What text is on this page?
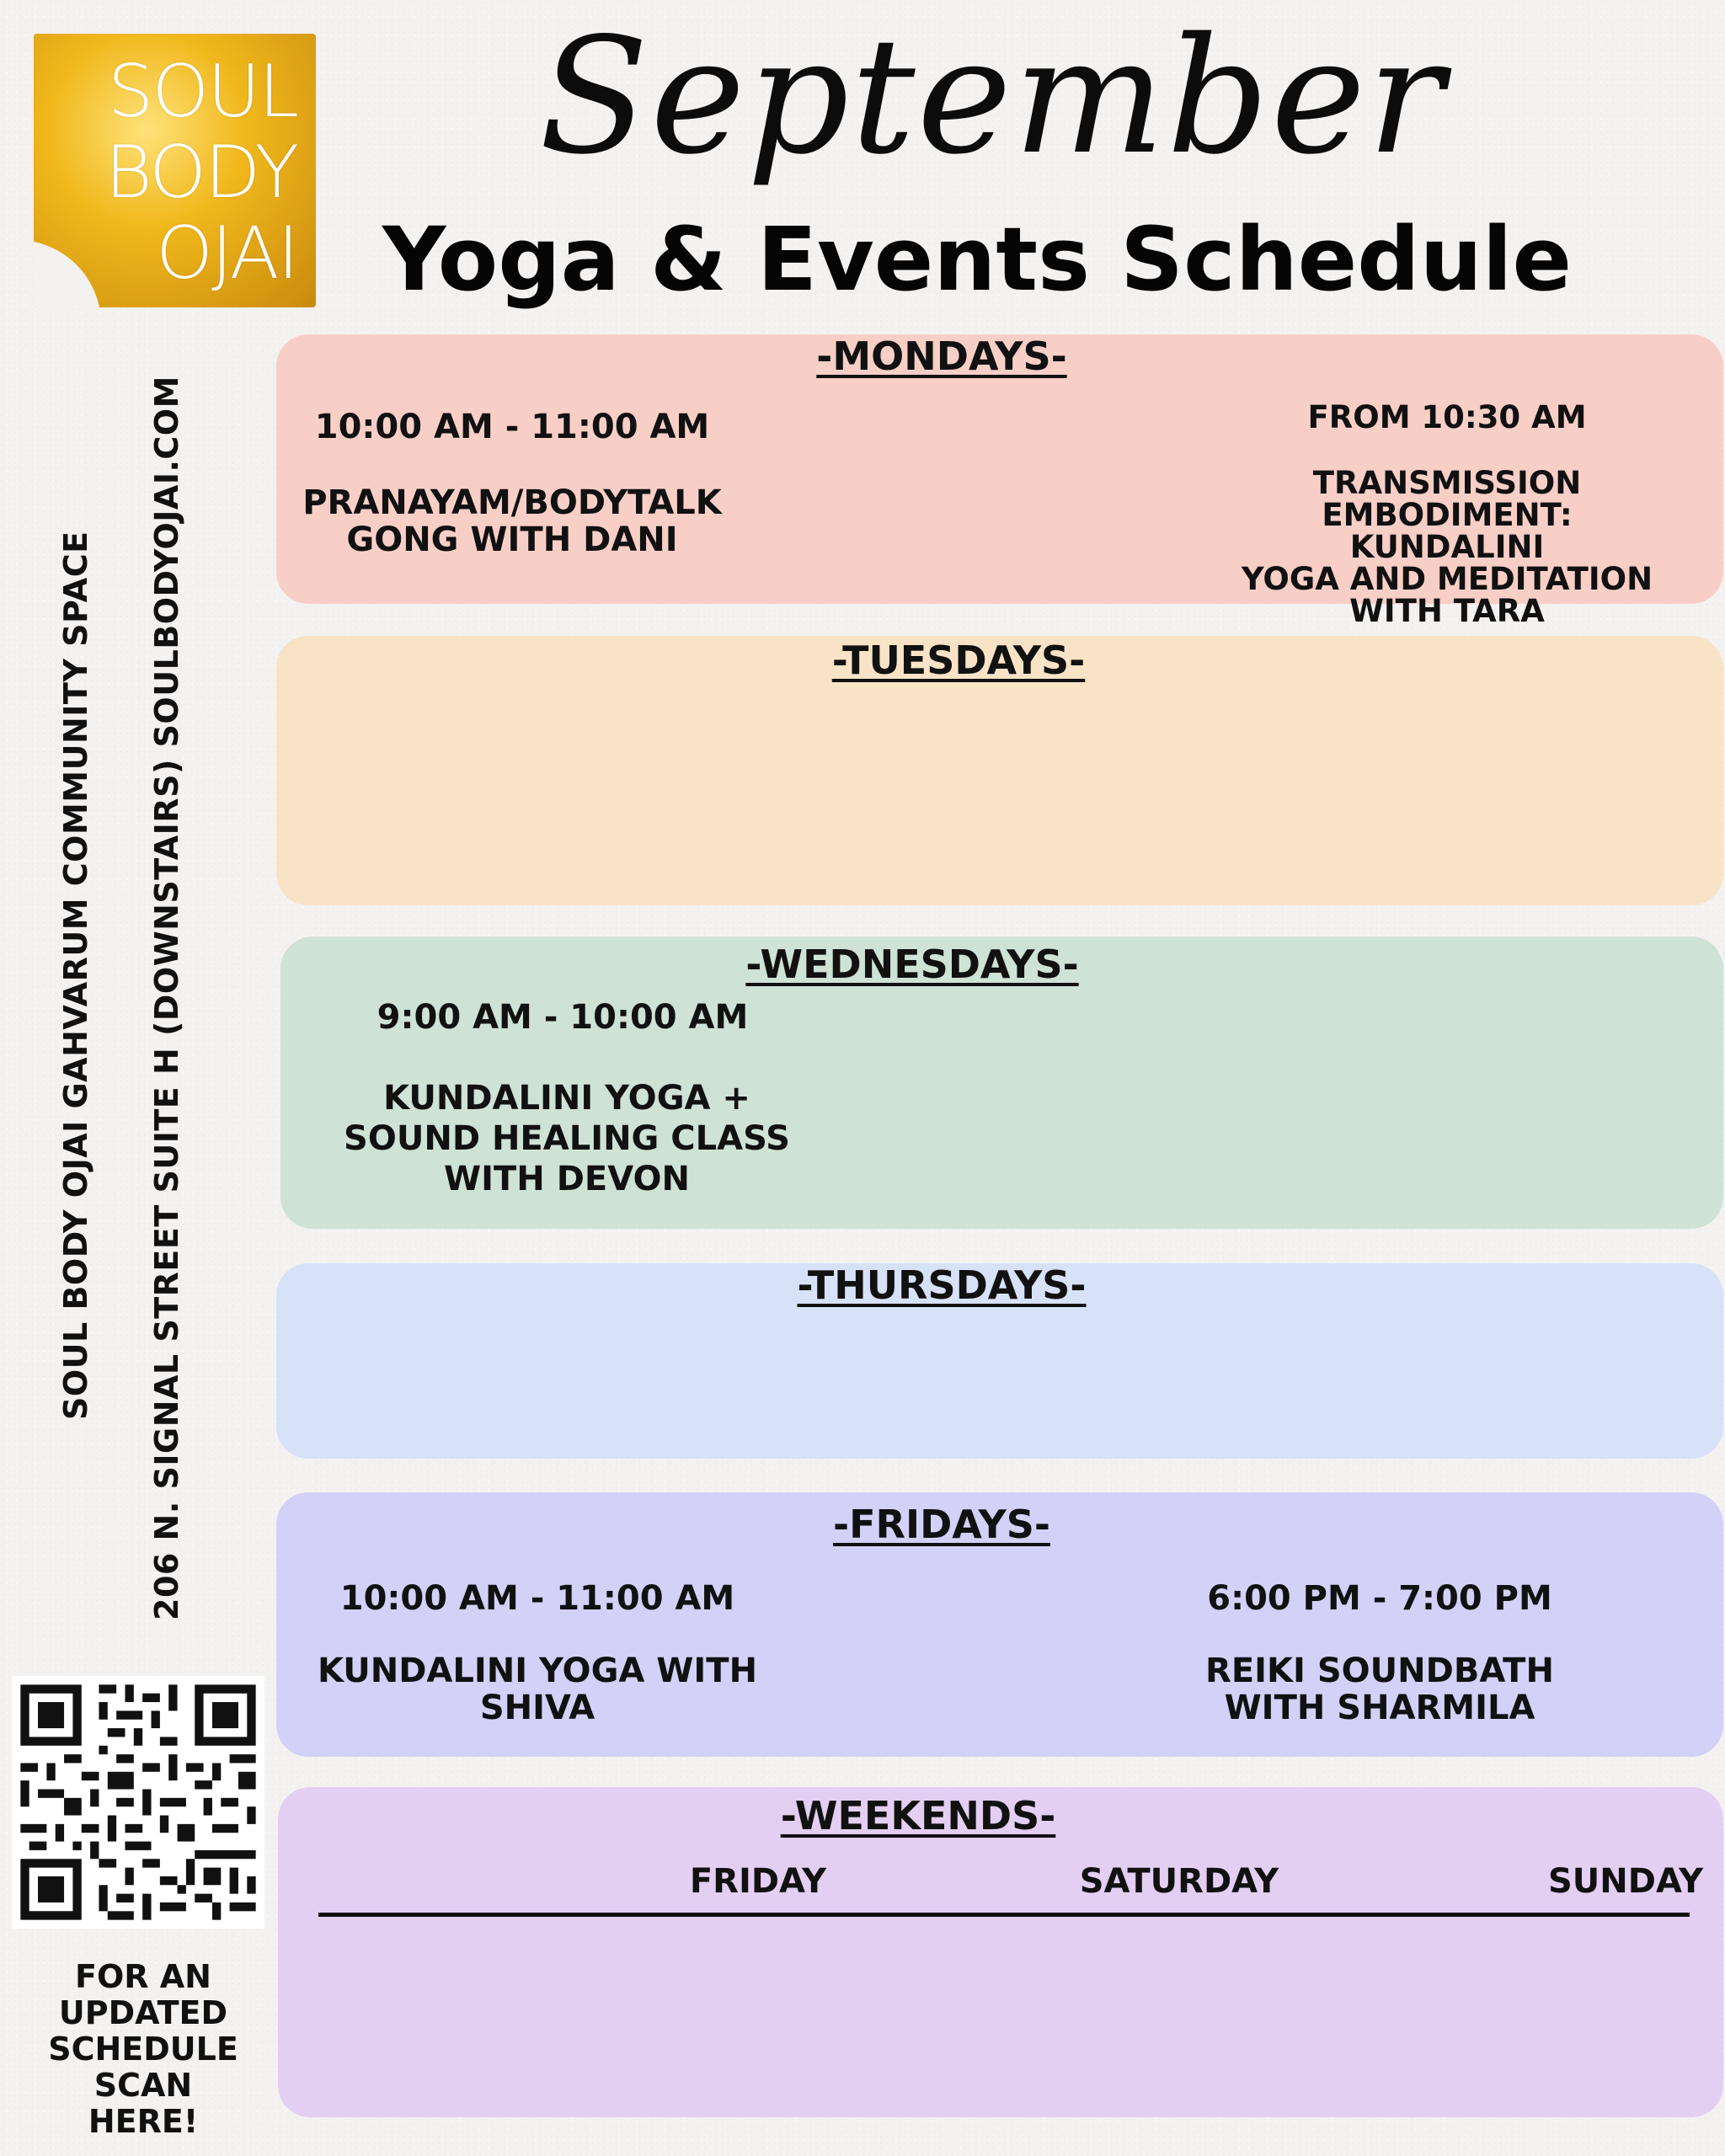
SOUL
BODY
OJAI
September
Yoga & Events Schedule
SOUL BODY OJAI GAHVARUM COMMUNITY SPACE 206 N. SIGNAL STREET SUITE H (DOWNSTAIRS) SOULBODYOJAI.COM
FOR AN
UPDATED
SCHEDULE
SCAN
HERE!
-MONDAYS-
10:00 AM - 11:00 AM
PRANAYAM/BODYTALK
GONG WITH DANI
FROM 10:30 AM
TRANSMISSION
EMBODIMENT: KUNDALINI
YOGA AND MEDITATION
WITH TARA
-TUESDAYS-
-WEDNESDAYS-
9:00 AM - 10:00 AM
KUNDALINI YOGA +
SOUND HEALING CLASS
WITH DEVON
-THURSDAYS-
-FRIDAYS-
10:00 AM - 11:00 AM
KUNDALINI YOGA WITH
SHIVA
6:00 PM - 7:00 PM
REIKI SOUNDBATH
WITH SHARMILA
-WEEKENDS-
FRIDAY	SATURDAY	SUNDAY
